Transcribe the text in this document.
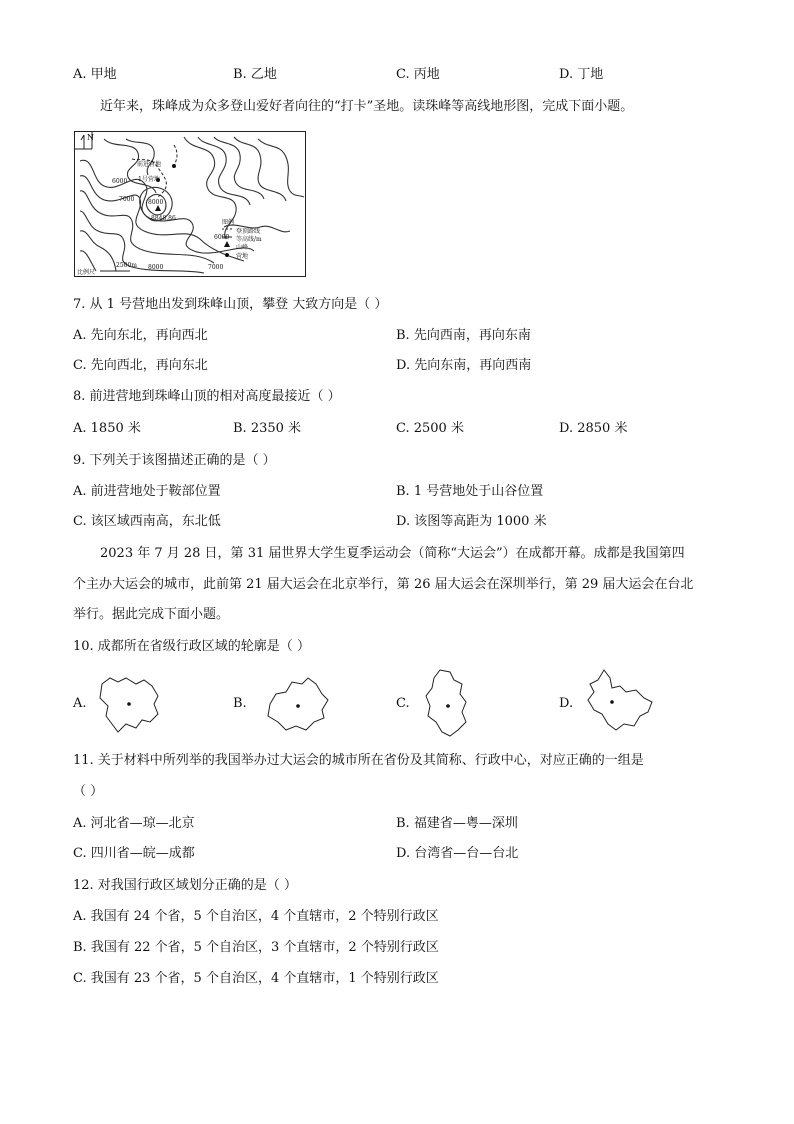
A. 甲地	B. 乙地	C. 丙地	D. 丁地
近年来，珠峰成为众多登山爱好者向往的“打卡”圣地。读珠峰等高线地形图，完成下面小题。
N
前进营地
1号营地
6000
7000 8000
8848.86
8000	7000
比例尺
2500m
图例
登顶路线
6000 等高线/m
山峰
营地
7. 从 1 号营地出发到珠峰山顶，攀登 大致方向是（ ）
A. 先向东北，再向西北	B. 先向西南，再向东南
C. 先向西北，再向东北	D. 先向东南，再向西南
8. 前进营地到珠峰山顶的相对高度最接近（ ）
A. 1850 米	B. 2350 米	C. 2500 米	D. 2850 米
9. 下列关于该图描述正确的是（ ）
A. 前进营地处于鞍部位置	B. 1 号营地处于山谷位置
C. 该区域西南高，东北低	D. 该图等高距为 1000 米
2023 年 7 月 28 日，第 31 届世界大学生夏季运动会（简称“大运会”）在成都开幕。成都是我国第四
个主办大运会的城市，此前第 21 届大运会在北京举行，第 26 届大运会在深圳举行，第 29 届大运会在台北
举行。据此完成下面小题。
10. 成都所在省级行政区域的轮廓是（ ）
A.	B.	C.	D.
11. 关于材料中所列举的我国举办过大运会的城市所在省份及其简称、行政中心，对应正确的一组是
（ ）
A. 河北省—琼—北京	B. 福建省—粤—深圳
C. 四川省—皖—成都	D. 台湾省—台—台北
12. 对我国行政区域划分正确的是（ ）
A. 我国有 24 个省，5 个自治区，4 个直辖市，2 个特别行政区
B. 我国有 22 个省，5 个自治区，3 个直辖市，2 个特别行政区
C. 我国有 23 个省，5 个自治区，4 个直辖市，1 个特别行政区
